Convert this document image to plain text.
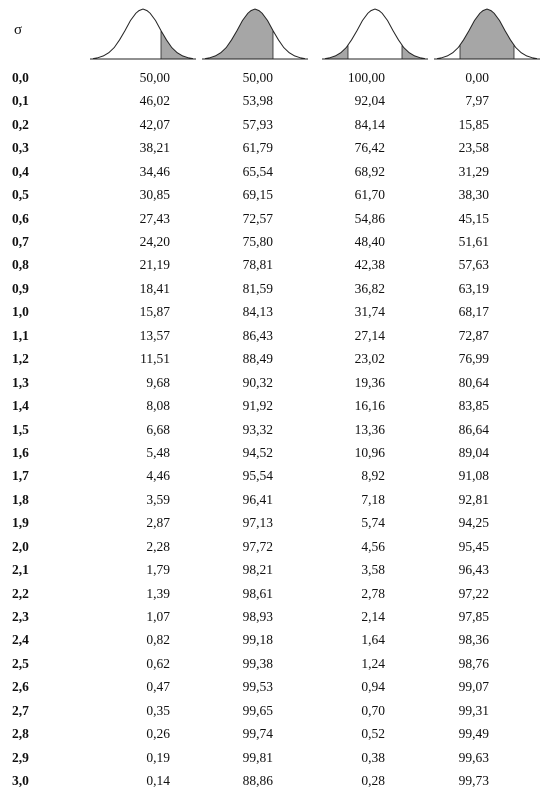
σ
0,0	50,00	50,00	100,00	0,00
0,1	46,02	53,98	92,04	7,97
0,2	42,07	57,93	84,14	15,85
0,3	38,21	61,79	76,42	23,58
0,4	34,46	65,54	68,92	31,29
0,5	30,85	69,15	61,70	38,30
0,6	27,43	72,57	54,86	45,15
0,7	24,20	75,80	48,40	51,61
0,8	21,19	78,81	42,38	57,63
0,9	18,41	81,59	36,82	63,19
1,0	15,87	84,13	31,74	68,17
1,1	13,57	86,43	27,14	72,87
1,2	11,51	88,49	23,02	76,99
1,3	9,68	90,32	19,36	80,64
1,4	8,08	91,92	16,16	83,85
1,5	6,68	93,32	13,36	86,64
1,6	5,48	94,52	10,96	89,04
1,7	4,46	95,54	8,92	91,08
1,8	3,59	96,41	7,18	92,81
1,9	2,87	97,13	5,74	94,25
2,0	2,28	97,72	4,56	95,45
2,1	1,79	98,21	3,58	96,43
2,2	1,39	98,61	2,78	97,22
2,3	1,07	98,93	2,14	97,85
2,4	0,82	99,18	1,64	98,36
2,5	0,62	99,38	1,24	98,76
2,6	0,47	99,53	0,94	99,07
2,7	0,35	99,65	0,70	99,31
2,8	0,26	99,74	0,52	99,49
2,9	0,19	99,81	0,38	99,63
3,0	0,14	88,86	0,28	99,73
